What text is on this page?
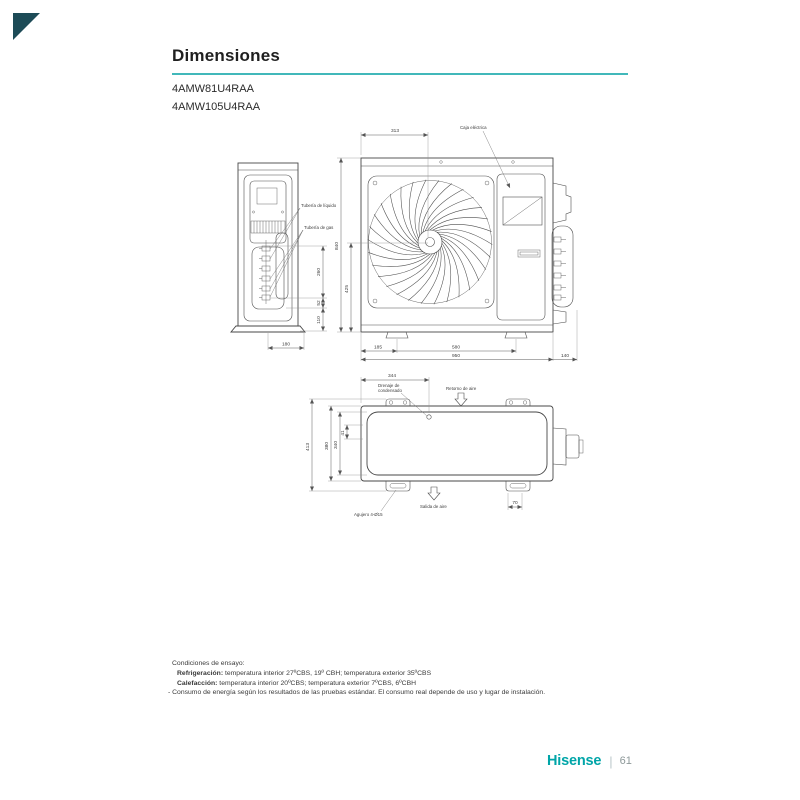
Dimensiones
4AMW81U4RAA
4AMW105U4RAA
Tubería de líquido
Tubería de gas
260
52
110
180
Caja eléctrica
313
840
425
185	580
950	140
344
Drenaje de
condensado	Retorno de aire
Salida de aire
Agujero 4-Ø15
413	380 340
41
70
Condiciones de ensayo:
Refrigeración: temperatura interior 27ºCBS, 19º CBH; temperatura exterior 35ºCBS
Calefacción: temperatura interior 20ºCBS; temperatura exterior 7ºCBS, 6ºCBH
- Consumo de energía según los resultados de las pruebas estándar. El consumo real depende de uso y lugar de instalación.
Hisense | 61
